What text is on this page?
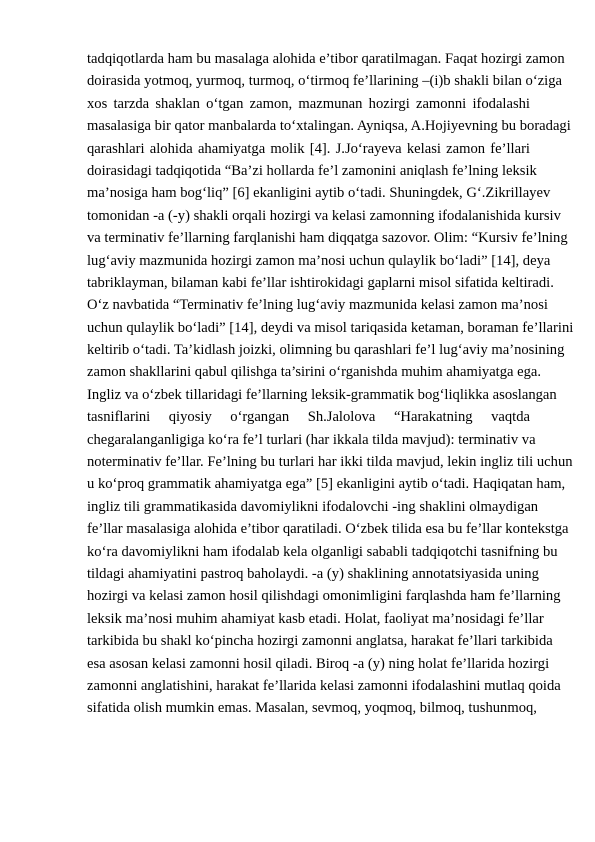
tadqiqotlarda ham bu masalaga alohida e’tibor qaratilmagan. Faqat hozirgi zamon
doirasida yotmoq, yurmoq, turmoq, o‘tirmoq fe’llarining –(i)b shakli bilan o‘ziga
xos tarzda shaklan o‘tgan zamon, mazmunan hozirgi zamonni ifodalashi
masalasiga bir qator manbalarda to‘xtalingan. Ayniqsa, A.Hojiyevning bu boradagi
qarashlari alohida ahamiyatga molik [4]. J.Jo‘rayeva kelasi zamon fe’llari
doirasidagi tadqiqotida “Ba’zi hollarda fe’l zamonini aniqlash fe’lning leksik
ma’nosiga ham bog‘liq” [6] ekanligini aytib o‘tadi. Shuningdek, G‘.Zikrillayev
tomonidan -a (-y) shakli orqali hozirgi va kelasi zamonning ifodalanishida kursiv
va terminativ fe’llarning farqlanishi ham diqqatga sazovor. Olim: “Kursiv fe’lning
lug‘aviy mazmunida hozirgi zamon ma’nosi uchun qulaylik bo‘ladi” [14], deya
tabriklayman, bilaman kabi fe’llar ishtirokidagi gaplarni misol sifatida keltiradi.
O‘z navbatida “Terminativ fe’lning lug‘aviy mazmunida kelasi zamon ma’nosi
uchun qulaylik bo‘ladi” [14], deydi va misol tariqasida ketaman, boraman fe’llarini
keltirib o‘tadi. Ta’kidlash joizki, olimning bu qarashlari fe’l lug‘aviy ma’nosining
zamon shakllarini qabul qilishga ta’sirini o‘rganishda muhim ahamiyatga ega.
Ingliz va o‘zbek tillaridagi fe’llarning leksik-grammatik bog‘liqlikka asoslangan
tasniflarini qiyosiy o‘rgangan Sh.Jalolova “Harakatning vaqtda
chegaralanganligiga ko‘ra fe’l turlari (har ikkala tilda mavjud): terminativ va
noterminativ fe’llar. Fe’lning bu turlari har ikki tilda mavjud, lekin ingliz tili uchun
u ko‘proq grammatik ahamiyatga ega” [5] ekanligini aytib o‘tadi. Haqiqatan ham,
ingliz tili grammatikasida davomiylikni ifodalovchi -ing shaklini olmaydigan
fe’llar masalasiga alohida e’tibor qaratiladi. O‘zbek tilida esa bu fe’llar kontekstga
ko‘ra davomiylikni ham ifodalab kela olganligi sababli tadqiqotchi tasnifning bu
tildagi ahamiyatini pastroq baholaydi. -a (y) shaklining annotatsiyasida uning
hozirgi va kelasi zamon hosil qilishdagi omonimligini farqlashda ham fe’llarning
leksik ma’nosi muhim ahamiyat kasb etadi. Holat, faoliyat ma’nosidagi fe’llar
tarkibida bu shakl ko‘pincha hozirgi zamonni anglatsa, harakat fe’llari tarkibida
esa asosan kelasi zamonni hosil qiladi. Biroq -a (y) ning holat fe’llarida hozirgi
zamonni anglatishini, harakat fe’llarida kelasi zamonni ifodalashini mutlaq qoida
sifatida olish mumkin emas. Masalan, sevmoq, yoqmoq, bilmoq, tushunmoq,
